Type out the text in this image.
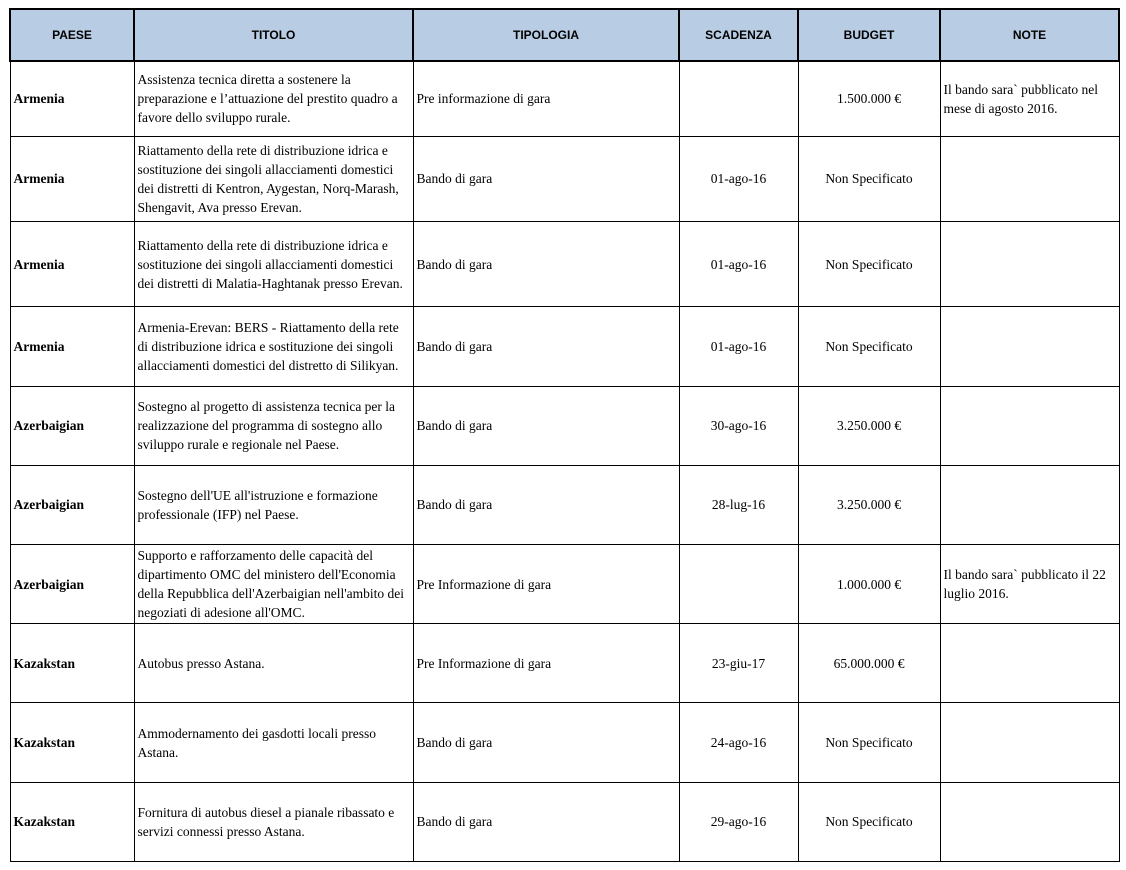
PAESE	TITOLO	TIPOLOGIA	SCADENZA	BUDGET	NOTE
Armenia	Assistenza tecnica diretta a sostenere la preparazione e l’attuazione del prestito quadro a favore dello sviluppo rurale.	Pre informazione di gara		1.500.000 €	Il bando sara` pubblicato nel mese di agosto 2016.
Armenia	Riattamento della rete di distribuzione idrica e sostituzione dei singoli allacciamenti domestici dei distretti di Kentron, Aygestan, Norq-Marash, Shengavit, Ava presso Erevan.	Bando di gara	01-ago-16	Non Specificato	
Armenia	Riattamento della rete di distribuzione idrica e sostituzione dei singoli allacciamenti domestici dei distretti di Malatia-Haghtanak presso Erevan.	Bando di gara	01-ago-16	Non Specificato	
Armenia	Armenia-Erevan: BERS - Riattamento della rete di distribuzione idrica e sostituzione dei singoli allacciamenti domestici del distretto di Silikyan.	Bando di gara	01-ago-16	Non Specificato	
Azerbaigian	Sostegno al progetto di assistenza tecnica per la realizzazione del programma di sostegno allo sviluppo rurale e regionale nel Paese.	Bando di gara	30-ago-16	3.250.000 €	
Azerbaigian	Sostegno dell'UE all'istruzione e formazione professionale (IFP) nel Paese.	Bando di gara	28-lug-16	3.250.000 €	
Azerbaigian	Supporto e rafforzamento delle capacità del dipartimento OMC del ministero dell'Economia della Repubblica dell'Azerbaigian nell'ambito dei negoziati di adesione all'OMC.	Pre Informazione di gara		1.000.000 €	Il bando sara` pubblicato il 22 luglio 2016.
Kazakstan	Autobus presso Astana.	Pre Informazione di gara	23-giu-17	65.000.000 €	
Kazakstan	Ammodernamento dei gasdotti locali presso Astana.	Bando di gara	24-ago-16	Non Specificato	
Kazakstan	Fornitura di autobus diesel a pianale ribassato e servizi connessi presso Astana.	Bando di gara	29-ago-16	Non Specificato	
